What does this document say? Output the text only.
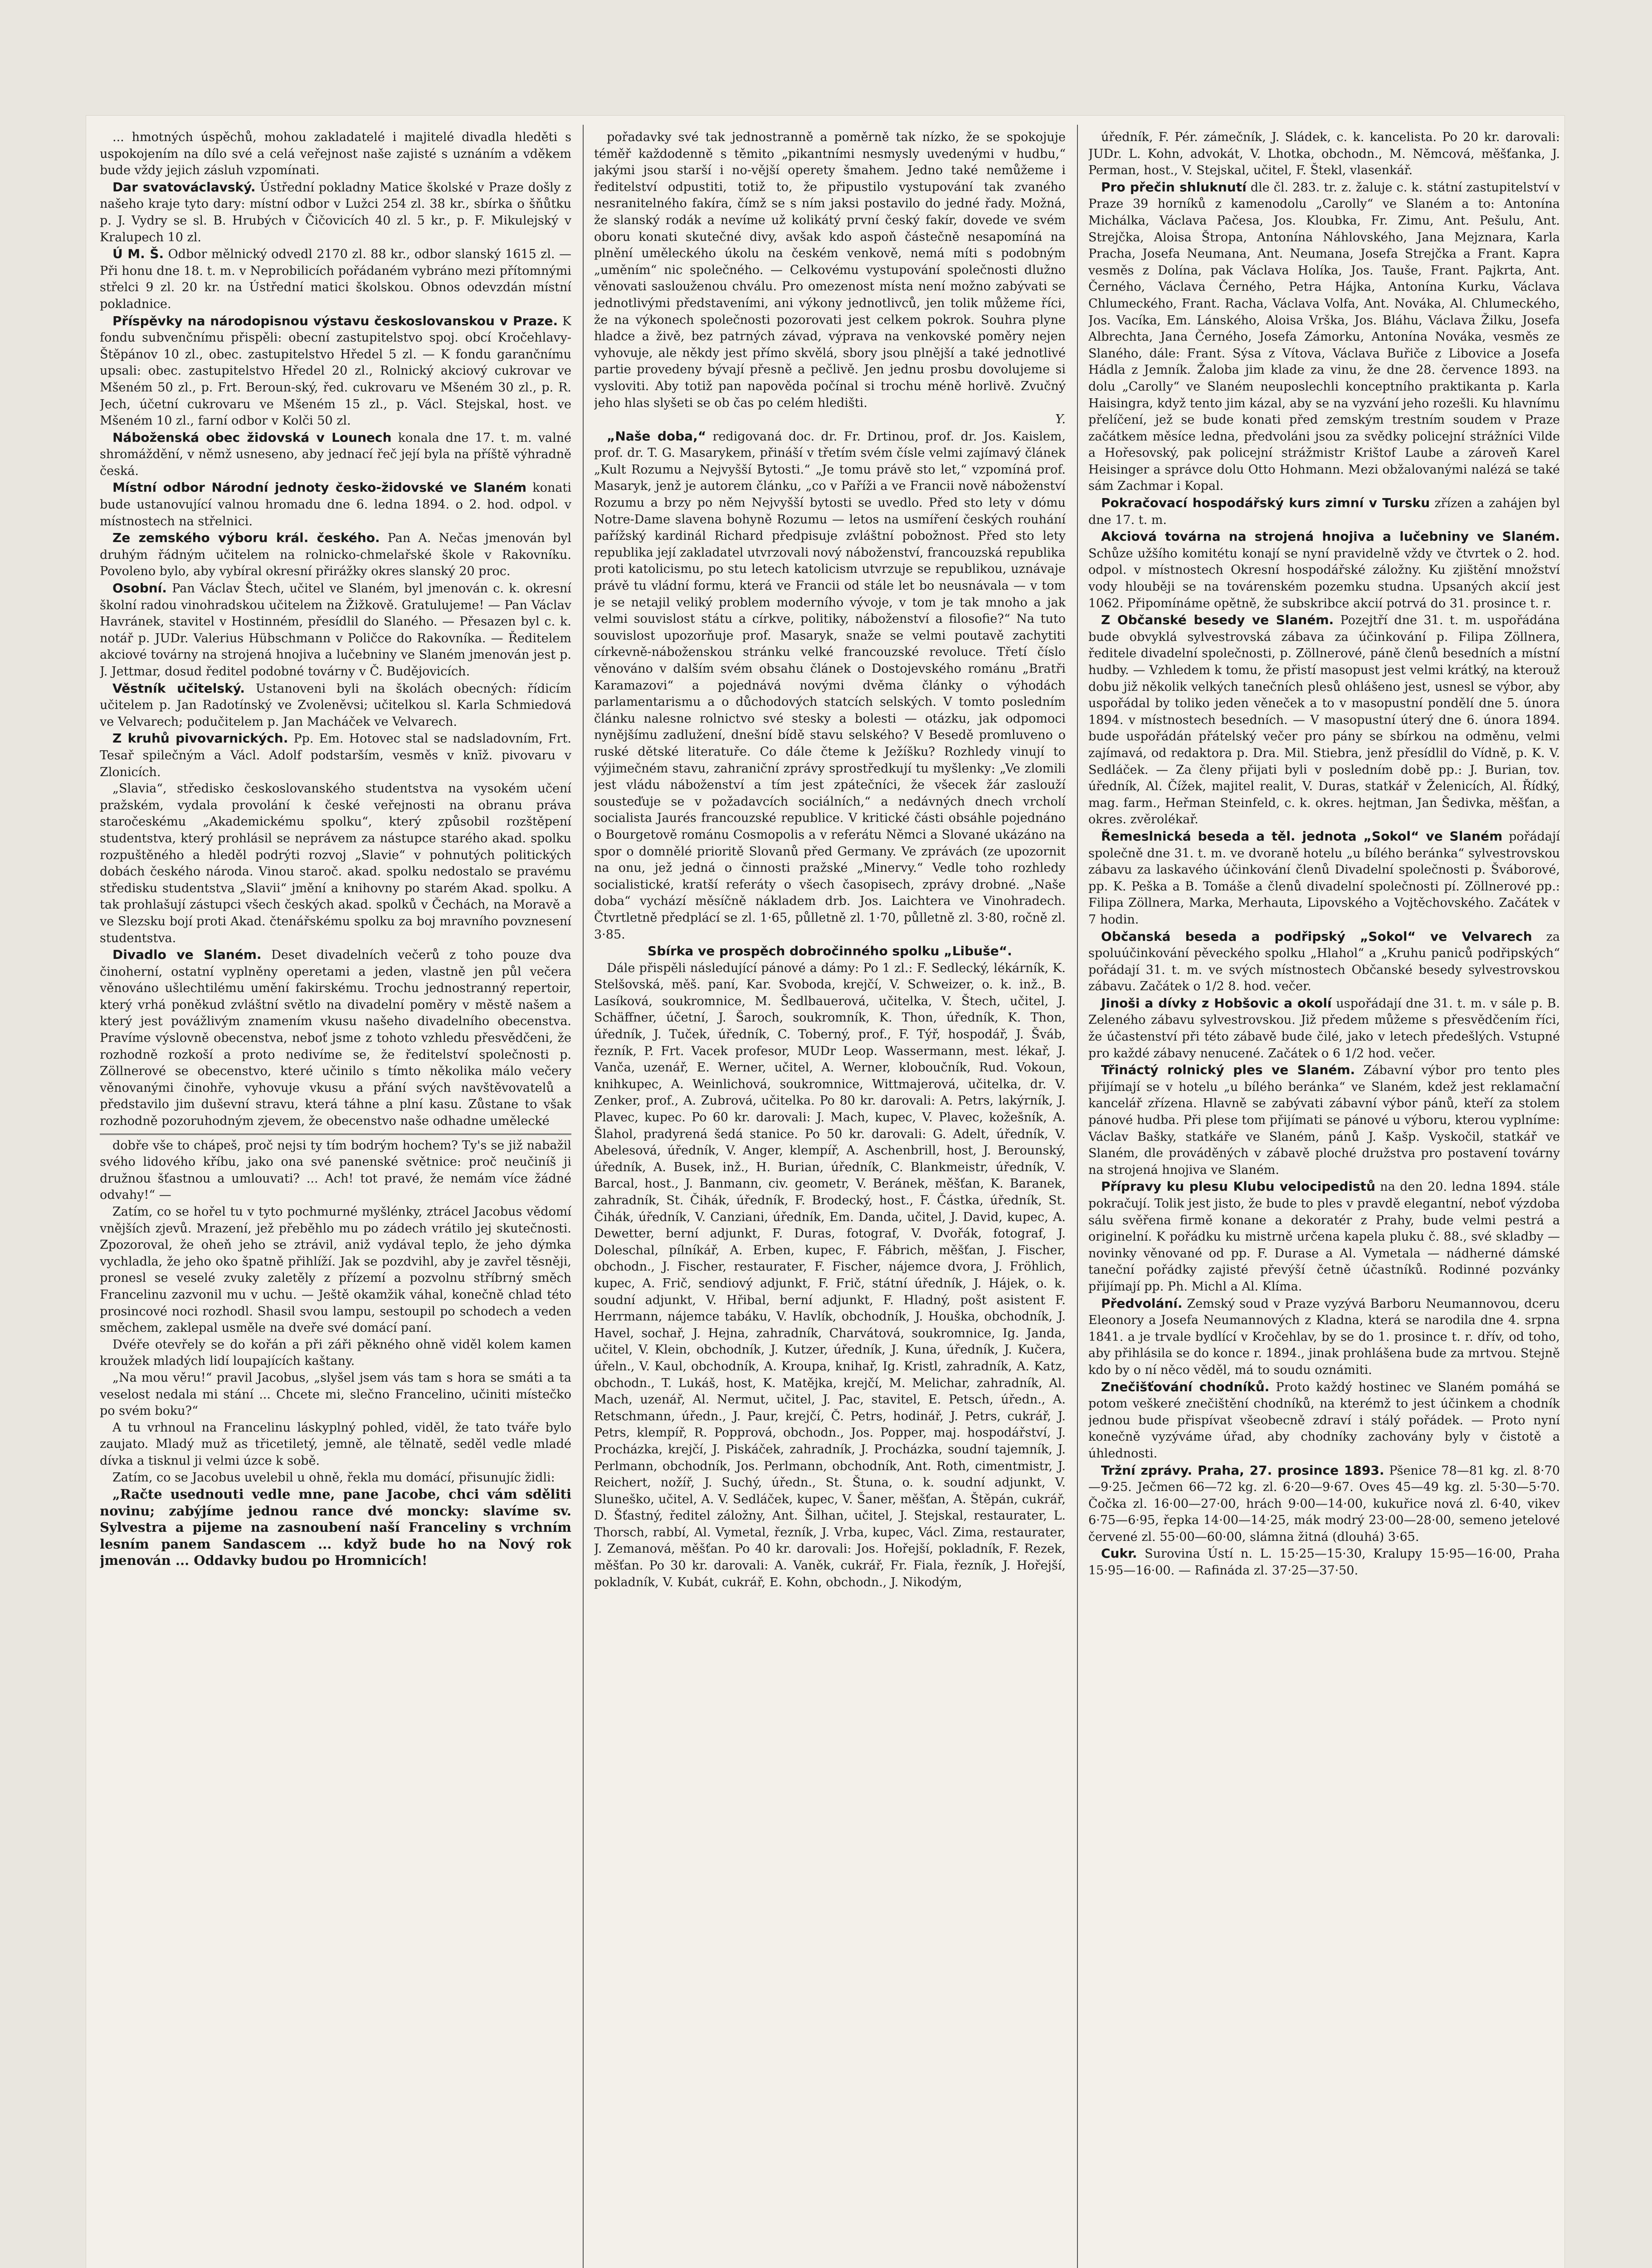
... hmotných úspěchů, mohou zakladatelé i majitelé divadla hleděti s uspokojením na dílo své a celá veřejnost naše zajisté s uznáním a vděkem bude vždy jejich zásluh vzpomínati.

Dar svatováclavský. Ústřední pokladny Matice školské v Praze došly z našeho kraje tyto dary: místní odbor v Lužci 254 zl. 38 kr., sbírka o šňůtku p. J. Vydry se sl. B. Hrubých v Čičovicích 40 zl. 5 kr., p. F. Mikulejský v Kralupech 10 zl.

Ú M. Š. Odbor mělnický odvedl 2170 zl. 88 kr., odbor slanský 1615 zl. — Při honu dne 18. t. m. v Neprobilicích pořádaném vybráno mezi přítomnými střelci 9 zl. 20 kr. na Ústřední matici školskou. Obnos odevzdán místní pokladnice.

Příspěvky na národopisnou výstavu českoslovanskou v Praze. K fondu subvenčnímu přispěli: obecní zastupitelstvo spoj. obcí Kročehlavy-Štěpánov 10 zl., obec. zastupitelstvo Hředel 5 zl. — K fondu garančnímu upsali: obec. zastupitelstvo Hředel 20 zl., Rolnický akciový cukrovar ve Mšeném 50 zl., p. Frt. Beroun-ský, řed. cukrovaru ve Mšeném 30 zl., p. R. Jech, účetní cukrovaru ve Mšeném 15 zl., p. Václ. Stejskal, host. ve Mšeném 10 zl., farní odbor v Kolči 50 zl.

Náboženská obec židovská v Lounech konala dne 17. t. m. valné shromáždění, v němž usneseno, aby jednací řeč její byla na příště výhradně česká.

Místní odbor Národní jednoty česko-židovské ve Slaném konati bude ustanovující valnou hromadu dne 6. ledna 1894. o 2. hod. odpol. v místnostech na střelnici.

Ze zemského výboru král. českého. Pan A. Nečas jmenován byl druhým řádným učitelem na rolnicko-chmelařské škole v Rakovníku. Povoleno bylo, aby vybíral okresní přirážky okres slanský 20 proc.

Osobní. Pan Václav Štech, učitel ve Slaném, byl jmenován c. k. okresní školní radou vinohradskou učitelem na Žižkově. Gratulujeme! — Pan Václav Havránek, stavitel v Hostinném, přesídlil do Slaného. — Přesazen byl c. k. notář p. JUDr. Valerius Hübschmann v Poličce do Rakovníka. — Ředitelem akciové továrny na strojená hnojiva a lučebniny ve Slaném jmenován jest p. J. Jettmar, dosud ředitel podobné továrny v Č. Budějovicích.

Věstník učitelský. Ustanoveni byli na školách obecných: řídicím učitelem p. Jan Radotínský ve Zvoleněvsi; učitelkou sl. Karla Schmiedová ve Velvarech; podučitelem p. Jan Macháček ve Velvarech.

Z kruhů pivovarnických. Pp. Em. Hotovec stal se nadsladovním, Frt. Tesař spilečným a Václ. Adolf podstarším, vesměs v knīž. pivovaru v Zlonicích.

„Slavia“, středisko českoslovanského studentstva na vysokém učení pražském, vydala provolání k české veřejnosti na obranu práva staročeskému „Akademickému spolku“, který způsobil rozštěpení studentstva, který prohlásil se neprávem za nástupce starého akad. spolku rozpuštěného a hleděl podrýti rozvoj „Slavie“ v pohnutých politických dobách českého národa. Vinou staroč. akad. spolku nedostalo se pravému středisku studentstva „Slavii“ jmění a knihovny po starém Akad. spolku. A tak prohlašují zástupci všech českých akad. spolků v Čechách, na Moravě a ve Slezsku bojí proti Akad. čtenářskému spolku za boj mravního povznesení studentstva.

Divadlo ve Slaném. Deset divadelních večerů z toho pouze dva činoherní, ostatní vyplněny operetami a jeden, vlastně jen půl večera věnováno ušlechtilému umění fakirskému. Trochu jednostranný repertoir, který vrhá poněkud zvláštní světlo na divadelní poměry v městě našem a který jest povážlivým znamením vkusu našeho divadelního obecenstva. Pravíme výslovně obecenstva, neboť jsme z tohoto vzhledu přesvědčeni, že rozhodně rozkoší a proto nedivíme se, že ředitelství společnosti p. Zöllnerové se obecenstvo, které učinilo s tímto několika málo večery věnovanými činohře, vyhovuje vkusu a přání svých navštěvovatelů a představilo jim duševní stravu, která táhne a plní kasu. Zůstane to však rozhodně pozoruhodným zjevem, že obecenstvo naše odhadne umělecké

dobře vše to chápeš, proč nejsi ty tím bodrým hochem? Ty's se již nabažil svého lidového kříbu, jako ona své panenské světnice: proč neučiníš ji družnou šťastnou a umlouvati? ... Ach! tot pravé, že nemám více žádné odvahy!“ —

Zatím, co se hořel tu v tyto pochmurné myšlénky, ztrácel Jacobus vědomí vnějších zjevů. Mrazení, jež přeběhlo mu po zádech vrátilo jej skutečnosti. Zpozoroval, že oheň jeho se ztrávil, aniž vydával teplo, že jeho dýmka vychladla, že jeho oko špatně přihlíží. Jak se pozdvihl, aby je zavřel těsněji, pronesl se veselé zvuky zaletěly z přízemí a pozvolnu stříbrný směch Francelinu zazvonil mu v uchu. — Ještě okamžik váhal, konečně chlad této prosincové noci rozhodl. Shasil svou lampu, sestoupil po schodech a veden směchem, zaklepal usměle na dveře své domácí paní.

Dvéře otevřely se do kořán a při záři pěkného ohně viděl kolem kamen kroužek mladých lidí loupajících kaštany.

„Na mou věru!“ pravil Jacobus, „slyšel jsem vás tam s hora se smáti a ta veselost nedala mi stání ... Chcete mi, slečno Francelino, učiniti místečko po svém boku?“

A tu vrhnoul na Francelinu láskyplný pohled, viděl, že tato tváře bylo zaujato. Mladý muž as třicetiletý, jemně, ale tělnatě, seděl vedle mladé dívka a tisknul ji velmi úzce k sobě.

Zatím, co se Jacobus uvelebil u ohně, řekla mu domácí, přisunujíc židli:

„Račte usednouti vedle mne, pane Jacobe, chci vám sděliti novinu; zabýjíme jednou rance dvé moncky: slavíme sv. Sylvestra a pijeme na zasnoubení naší Franceliny s vrchním lesním panem Sandascem ... když bude ho na Nový rok jmenován ... Oddavky budou po Hromnicích!

pořadavky své tak jednostranně a poměrně tak nízko, že se spokojuje téměř každodenně s těmito „pikantními nesmysly uvedenými v hudbu,“ jakými jsou starší i no-vější operety šmahem. Jedno také nemůžeme i ředitelství odpustiti, totiž to, že připustilo vystupování tak zvaného nesranitelného fakíra, čímž se s ním jaksi postavilo do jedné řady. Možná, že slanský rodák a nevíme už kolikátý první český fakír, dovede ve svém oboru konati skutečné divy, avšak kdo aspoň částečně nesapomíná na plnění uměleckého úkolu na českém venkově, nemá míti s podobným „uměním“ nic společného. — Celkovému vystupování společnosti dlužno věnovati saslouženou chválu. Pro omezenost místa není možno zabývati se jednotlivými představeními, ani výkony jednotlivců, jen tolik můžeme říci, že na výkonech společnosti pozorovati jest celkem pokrok. Souhra plyne hladce a živě, bez patrných závad, výprava na venkovské poměry nejen vyhovuje, ale někdy jest přímo skvělá, sbory jsou plnější a také jednotlivé partie provedeny bývají přesně a pečlivě. Jen jednu prosbu dovolujeme si vysloviti. Aby totiž pan napověda počínal si trochu méně horlivě. Zvučný jeho hlas slyšeti se ob čas po celém hledišti.

Y.

„Naše doba,“ redigovaná doc. dr. Fr. Drtinou, prof. dr. Jos. Kaislem, prof. dr. T. G. Masarykem, přináší v třetím svém čísle velmi zajímavý článek „Kult Rozumu a Nejvyšší Bytosti.“ „Je tomu právě sto let,“ vzpomíná prof. Masaryk, jenž je autorem článku, „co v Paříži a ve Francii nově náboženství Rozumu a brzy po něm Nejvyšší bytosti se uvedlo. Před sto lety v dómu Notre-Dame slavena bohyně Rozumu — letos na usmíření českých rouhání pařížský kardinál Richard předpisuje zvláštní pobožnost. Před sto lety republika její zakladatel utvrzovali nový náboženství, francouzská republika proti katolicismu, po stu letech katolicism utvrzuje se republikou, uznávaje právě tu vládní formu, která ve Francii od stále let bo neusnávala — v tom je se netajil veliký problem moderního vývoje, v tom je tak mnoho a jak velmi souvislost státu a církve, politiky, náboženství a filosofie?“ Na tuto souvislost upozorňuje prof. Masaryk, snaže se velmi poutavě zachytiti církevně-náboženskou stránku velké francouzské revoluce. Třetí číslo věnováno v dalším svém obsahu článek o Dostojevského románu „Bratři Karamazovi“ a pojednává novými dvěma články o výhodách parlamentarismu a o důchodových statcích selských. V tomto posledním článku nalesne rolnictvo své stesky a bolesti — otázku, jak odpomoci nynějšímu zadlužení, dnešní bídě stavu selského? V Besedě promluveno o ruské dětské literatuře. Co dále čteme k Ježíšku? Rozhledy vinují to výjimečném stavu, zahraniční zprávy sprostředkují tu myšlenky: „Ve zlomili jest vládu náboženství a tím jest zpátečníci, že všecek žár zaslouží sousteďuje se v požadavcích sociálních,“ a nedávných dnech vrcholí socialista Jaurés francouzské republice. V kritické části obsáhle pojednáno o Bourgetově románu Cosmopolis a v referátu Němci a Slované ukázáno na spor o domnělé prioritě Slovanů před Germany. Ve zprávách (ze upozornit na onu, jež jedná o činnosti pražské „Minervy.“ Vedle toho rozhledy socialistické, kratší referáty o všech časopisech, zprávy drobné. „Naše doba“ vychází měsíčně nákladem drb. Jos. Laichtera ve Vinohradech. Čtvrtletně předplácí se zl. 1·65, půlletně zl. 1·70, půlletně zl. 3·80, ročně zl. 3·85.

Sbírka ve prospěch dobročinného spolku „Libuše“.

Dále přispěli následující pánové a dámy: Po 1 zl.: F. Sedlecký, lékárník, K. Stelšovská, měš. paní, Kar. Svoboda, krejčí, V. Schweizer, o. k. inž., B. Lasíková, soukromnice, M. Šedlbauerová, učitelka, V. Štech, učitel, J. Schäffner, účetní, J. Šaroch, soukromník, K. Thon, úředník, K. Thon, úředník, J. Tuček, úředník, C. Toberný, prof., F. Týř, hospodář, J. Šváb, řezník, P. Frt. Vacek profesor, MUDr Leop. Wassermann, mest. lékař, J. Vanča, uzenář, E. Werner, učitel, A. Werner, kloboučník, Rud. Vokoun, knihkupec, A. Weinlichová, soukromnice, Wittmajerová, učitelka, dr. V. Zenker, prof., A. Zubrová, učitelka. Po 80 kr. darovali: A. Petrs, lakýrník, J. Plavec, kupec. Po 60 kr. darovali: J. Mach, kupec, V. Plavec, kožešník, A. Šlahol, pradyrená šedá stanice. Po 50 kr. darovali: G. Adelt, úředník, V. Abelesová, úředník, V. Anger, klempíř, A. Aschenbrill, host, J. Berounský, úředník, A. Busek, inž., H. Burian, úředník, C. Blankmeistr, úředník, V. Barcal, host., J. Banmann, civ. geometr, V. Beránek, měšťan, K. Baranek, zahradník, St. Čihák, úředník, F. Brodecký, host., F. Částka, úředník, St. Čihák, úředník, V. Canziani, úředník, Em. Danda, učitel, J. David, kupec, A. Dewetter, berní adjunkt, F. Duras, fotograf, V. Dvořák, fotograf, J. Doleschal, pílníkář, A. Erben, kupec, F. Fábrich, měšťan, J. Fischer, obchodn., J. Fischer, restaurater, F. Fischer, nájemce dvora, J. Fröhlich, kupec, A. Frič, sendiový adjunkt, F. Frič, státní úředník, J. Hájek, o. k. soudní adjunkt, V. Hřibal, berní adjunkt, F. Hladný, pošt asistent F. Herrmann, nájemce tabáku, V. Havlík, obchodník, J. Houška, obchodník, J. Havel, sochař, J. Hejna, zahradník, Charvátová, soukromnice, Ig. Janda, učitel, V. Klein, obchodník, J. Kutzer, úředník, J. Kuna, úředník, J. Kučera, úřeln., V. Kaul, obchodník, A. Kroupa, knihař, Ig. Kristl, zahradník, A. Katz, obchodn., T. Lukáš, host, K. Matějka, krejčí, M. Melichar, zahradník, Al. Mach, uzenář, Al. Nermut, učitel, J. Pac, stavitel, E. Petsch, úředn., A. Retschmann, úředn., J. Paur, krejčí, Č. Petrs, hodinář, J. Petrs, cukrář, J. Petrs, klempíř, R. Popprová, obchodn., Jos. Popper, maj. hospodářství, J. Procházka, krejčí, J. Piskáček, zahradník, J. Procházka, soudní tajemník, J. Perlmann, obchodník, Jos. Perlmann, obchodník, Ant. Roth, cimentmistr, J. Reichert, nožíř, J. Suchý, úředn., St. Štuna, o. k. soudní adjunkt, V. Sluneško, učitel, A. V. Sedláček, kupec, V. Šaner, měšťan, A. Štěpán, cukrář, D. Šťastný, ředitel záložny, Ant. Šilhan, učitel, J. Stejskal, restaurater, L. Thorsch, rabbí, Al. Vymetal, řezník, J. Vrba, kupec, Václ. Zima, restaurater, J. Zemanová, měšťan. Po 40 kr. darovali: Jos. Hořejší, pokladník, F. Rezek, měšťan. Po 30 kr. darovali: A. Vaněk, cukrář, Fr. Fiala, řezník, J. Hořejší, pokladník, V. Kubát, cukrář, E. Kohn, obchodn., J. Nikodým,

úředník, F. Pér. zámečník, J. Sládek, c. k. kancelista. Po 20 kr. darovali: JUDr. L. Kohn, advokát, V. Lhotka, obchodn., M. Němcová, měšťanka, J. Perman, host., V. Stejskal, učitel, F. Štekl, vlasenkář.

Pro přečin shluknutí dle čl. 283. tr. z. žaluje c. k. státní zastupitelství v Praze 39 horníků z kamenodolu „Carolly“ ve Slaném a to: Antonína Michálka, Václava Pačesa, Jos. Kloubka, Fr. Zimu, Ant. Pešulu, Ant. Strejčka, Aloisa Štropa, Antonína Náhlovského, Jana Mejznara, Karla Pracha, Josefa Neumana, Ant. Neumana, Josefa Strejčka a Frant. Kapra vesměs z Dolína, pak Václava Holíka, Jos. Tauše, Frant. Pajkrta, Ant. Černého, Václava Černého, Petra Hájka, Antonína Kurku, Václava Chlumeckého, Frant. Racha, Václava Volfa, Ant. Nováka, Al. Chlumeckého, Jos. Vacíka, Em. Lánského, Aloisa Vrška, Jos. Bláhu, Václava Žilku, Josefa Albrechta, Jana Černého, Josefa Zámorku, Antonína Nováka, vesměs ze Slaného, dále: Frant. Sýsa z Vítova, Václava Buřiče z Libovice a Josefa Hádla z Jemník. Žaloba jim klade za vinu, že dne 28. července 1893. na dolu „Carolly“ ve Slaném neuposlechli konceptního praktikanta p. Karla Haisingra, když tento jim kázal, aby se na vyzvání jeho rozešli. Ku hlavnímu přelíčení, jež se bude konati před zemským trestním soudem v Praze začátkem měsíce ledna, předvoláni jsou za svědky policejní strážníci Vilde a Hořesovský, pak policejní strážmistr Krištof Laube a zároveň Karel Heisinger a správce dolu Otto Hohmann. Mezi obžalovanými nalézá se také sám Zachmar i Kopal.

Pokračovací hospodářský kurs zimní v Tursku zřízen a zahájen byl dne 17. t. m.

Akciová továrna na strojená hnojiva a lučebniny ve Slaném. Schůze užšího komitétu konají se nyní pravidelně vždy ve čtvrtek o 2. hod. odpol. v místnostech Okresní hospodářské záložny. Ku zjištění množství vody hlouběji se na továrenském pozemku studna. Upsaných akcií jest 1062. Připomínáme opětně, že subskribce akcií potrvá do 31. prosince t. r.

Z Občanské besedy ve Slaném. Pozejtří dne 31. t. m. uspořádána bude obvyklá sylvestrovská zábava za účinkování p. Filipa Zöllnera, ředitele divadelní společnosti, p. Zöllnerové, páně členů besedních a místní hudby. — Vzhledem k tomu, že přistí masopust jest velmi krátký, na kterouž dobu již několik velkých tanečních plesů ohlášeno jest, usnesl se výbor, aby uspořádal by toliko jeden věneček a to v masopustní pondělí dne 5. února 1894. v místnostech besedních. — V masopustní úterý dne 6. února 1894. bude uspořádán přátelský večer pro pány se sbírkou na odměnu, velmi zajímavá, od redaktora p. Dra. Mil. Stiebra, jenž přesídlil do Vídně, p. K. V. Sedláček. — Za členy přijati byli v posledním době pp.: J. Burian, tov. úředník, Al. Čížek, majitel realit, V. Duras, statkář v Želenicích, Al. Řídký, mag. farm., Heřman Steinfeld, c. k. okres. hejtman, Jan Šedivka, měšťan, a okres. zvěrolékař.

Řemeslnická beseda a těl. jednota „Sokol“ ve Slaném pořádají společně dne 31. t. m. ve dvoraně hotelu „u bílého beránka“ sylvestrovskou zábavu za laskavého účinkování členů Divadelní společnosti p. Šváborové, pp. K. Peška a B. Tomáše a členů divadelní společnosti pí. Zöllnerové pp.: Filipa Zöllnera, Marka, Merhauta, Lipovského a Vojtěchovského. Začátek v 7 hodin.

Občanská beseda a podřipský „Sokol“ ve Velvarech za spoluúčinkování pěveckého spolku „Hlahol“ a „Kruhu paniců podřipských“ pořádají 31. t. m. ve svých místnostech Občanské besedy sylvestrovskou zábavu. Začátek o 1/2 8. hod. večer.

Jinoši a dívky z Hobšovic a okolí uspořádají dne 31. t. m. v sále p. B. Zeleného zábavu sylvestrovskou. Již předem můžeme s přesvědčením říci, že účastenství při této zábavě bude čilé, jako v letech předešlých. Vstupné pro každé zábavy nenucené. Začátek o 6 1/2 hod. večer.

Třináctý rolnický ples ve Slaném. Zábavní výbor pro tento ples přijímají se v hotelu „u bílého beránka“ ve Slaném, kdež jest reklamační kancelář zřízena. Hlavně se zabývati zábavní výbor pánů, kteří za stolem pánové hudba. Při plese tom přijímati se pánové u výboru, kterou vyplníme: Václav Bašky, statkáře ve Slaném, pánů J. Kašp. Vyskočil, statkář ve Slaném, dle prováděných v zábavě ploché družstva pro postavení továrny na strojená hnojiva ve Slaném.

Přípravy ku plesu Klubu velocipedistů na den 20. ledna 1894. stále pokračují. Tolik jest jisto, že bude to ples v pravdě elegantní, neboť výzdoba sálu svěřena firmě konane a dekoratér z Prahy, bude velmi pestrá a originelní. K pořádku ku mistrně určena kapela pluku č. 88., své skladby — novinky věnované od pp. F. Durase a Al. Vymetala — nádherné dámské taneční pořádky zajisté převýší četně účastníků. Rodinné pozvánky přijímají pp. Ph. Michl a Al. Klíma.

Předvolání. Zemský soud v Praze vyzývá Barboru Neumannovou, dceru Eleonory a Josefa Neumannových z Kladna, která se narodila dne 4. srpna 1841. a je trvale bydlící v Kročehlav, by se do 1. prosince t. r. dřív, od toho, aby přihlásila se do konce r. 1894., jinak prohlášena bude za mrtvou. Stejně kdo by o ní něco věděl, má to soudu oznámiti.

Znečišťování chodníků. Proto každý hostinec ve Slaném pomáhá se potom veškeré znečištění chodníků, na kterémž to jest účinkem a chodník jednou bude přispívat všeobecně zdraví i stálý pořádek. — Proto nyní konečně vyzýváme úřad, aby chodníky zachovány byly v čistotě a úhlednosti.

Tržní zprávy. Praha, 27. prosince 1893. Pšenice 78—81 kg. zl. 8·70—9·25. Ječmen 66—72 kg. zl. 6·20—9·67. Oves 45—49 kg. zl. 5·30—5·70. Čočka zl. 16·00—27·00, hrách 9·00—14·00, kukuřice nová zl. 6·40, vikev 6·75—6·95, řepka 14·00—14·25, mák modrý 23·00—28·00, semeno jetelové červené zl. 55·00—60·00, slámna žitná (dlouhá) 3·65.

Cukr. Surovina Ústí n. L. 15·25—15·30, Kralupy 15·95—16·00, Praha 15·95—16·00. — Rafináda zl. 37·25—37·50.
